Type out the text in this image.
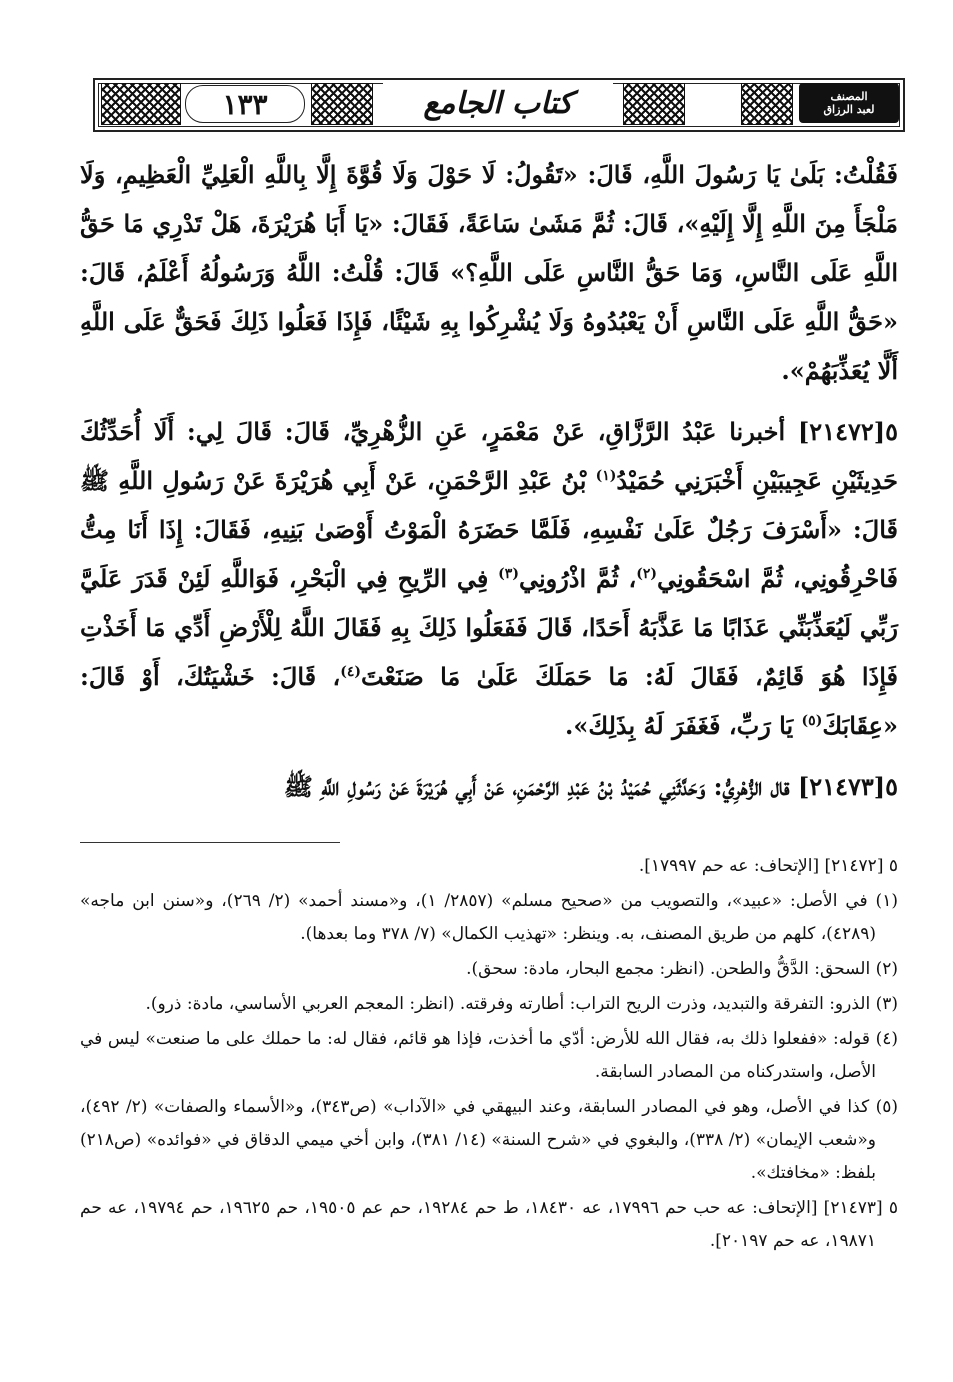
١٣٣	كتاب الجامع	المصنف
لعبد الرزاق

فَقُلْتُ: بَلَىٰ يَا رَسُولَ اللَّهِ، قَالَ: «تَقُولُ: لَا حَوْلَ وَلَا قُوَّةَ إِلَّا بِاللَّهِ الْعَلِيِّ الْعَظِيمِ، وَلَا مَلْجَأَ مِنَ اللَّهِ إِلَّا إِلَيْهِ»، قَالَ: ثُمَّ مَشَىٰ سَاعَةً، فَقَالَ: «يَا أَبَا هُرَيْرَةَ، هَلْ تَدْرِي مَا حَقُّ اللَّهِ عَلَى النَّاسِ، وَمَا حَقُّ النَّاسِ عَلَى اللَّهِ؟» قَالَ: قُلْتُ: اللَّهُ وَرَسُولُهُ أَعْلَمُ، قَالَ: «حَقُّ اللَّهِ عَلَى النَّاسِ أَنْ يَعْبُدُوهُ وَلَا يُشْرِكُوا بِهِ شَيْئًا، فَإِذَا فَعَلُوا ذَلِكَ فَحَقٌّ عَلَى اللَّهِ أَلَّا يُعَذِّبَهُمْ».

٥[٢١٤٧٢] أخبرنا عَبْدُ الرَّزَّاقِ، عَنْ مَعْمَرٍ، عَنِ الزُّهْرِيِّ، قَالَ: قَالَ لِي: أَلَا أُحَدِّثُكَ حَدِيثَيْنِ عَجِيبَيْنِ أَخْبَرَنِي حُمَيْدُ$^{(١)}$ بْنُ عَبْدِ الرَّحْمَنِ، عَنْ أَبِي هُرَيْرَةَ عَنْ رَسُولِ اللَّهِ ﷺ قَالَ: «أَسْرَفَ رَجُلٌ عَلَىٰ نَفْسِهِ، فَلَمَّا حَضَرَهُ الْمَوْتُ أَوْصَىٰ بَنِيهِ، فَقَالَ: إِذَا أَنَا مِتُّ فَاحْرِقُونِي، ثُمَّ اسْحَقُونِي$^{(٢)}$، ثُمَّ اذْرُونِي$^{(٣)}$ فِي الرِّيحِ فِي الْبَحْرِ، فَوَاللَّهِ لَئِنْ قَدَرَ عَلَيَّ رَبِّي لَيُعَذِّبَنِّي عَذَابًا مَا عَذَّبَهُ أَحَدًا، قَالَ فَفَعَلُوا ذَلِكَ بِهِ فَقَالَ اللَّهُ لِلْأَرْضِ أَدِّي مَا أَخَذْتِ فَإِذَا هُوَ قَائِمٌ، فَقَالَ لَهُ: مَا حَمَلَكَ عَلَىٰ مَا صَنَعْتَ$^{(٤)}$، قَالَ: خَشْيَتُكَ، أَوْ قَالَ: «عِقَابَكَ$^{(٥)}$ يَا رَبِّ، فَغَفَرَ لَهُ بِذَلِكَ».

٥[٢١٤٧٣] قال الزُّهْرِيُّ: وَحَدَّثَنِي حُمَيْدُ بْنُ عَبْدِ الرَّحْمَنِ، عَنْ أَبِي هُرَيْرَةَ عَنْ رَسُولِ اللَّهِ ﷺ

٥ [٢١٤٧٢] [الإتحاف: عه حم ١٧٩٩٧].

(١) في الأصل: «عبيد»، والتصويب من «صحيح مسلم» (٢٨٥٧/ ١)، و«مسند أحمد» (٢/ ٢٦٩)، و«سنن ابن ماجه» (٤٢٨٩)، كلهم من طريق المصنف، به. وينظر: «تهذيب الكمال» (٧/ ٣٧٨ وما بعدها).

(٢) السحق: الدَّقُّ والطحن. (انظر: مجمع البحار، مادة: سحق).

(٣) الذرو: التفرقة والتبديد، وذرت الريح التراب: أطارته وفرقته. (انظر: المعجم العربي الأساسي، مادة: ذرو).

(٤) قوله: «ففعلوا ذلك به، فقال الله للأرض: أدّي ما أخذت، فإذا هو قائم، فقال له: ما حملك على ما صنعت» ليس في الأصل، واستدركناه من المصادر السابقة.

(٥) كذا في الأصل، وهو في المصادر السابقة، وعند البيهقي في «الآداب» (ص٣٤٣)، و«الأسماء والصفات» (٢/ ٤٩٢)، و«شعب الإيمان» (٢/ ٣٣٨)، والبغوي في «شرح السنة» (١٤/ ٣٨١)، وابن أخي ميمي الدقاق في «فوائده» (ص٢١٨) بلفظ: «مخافتك».

٥ [٢١٤٧٣] [الإتحاف: عه حب حم ١٧٩٩٦، عه ١٨٤٣٠، ط حم ١٩٢٨٤، حم عم ١٩٥٠٥، حم ١٩٦٢٥، حم ١٩٧٩٤، عه حم ١٩٨٧١، عه حم ٢٠١٩٧].
